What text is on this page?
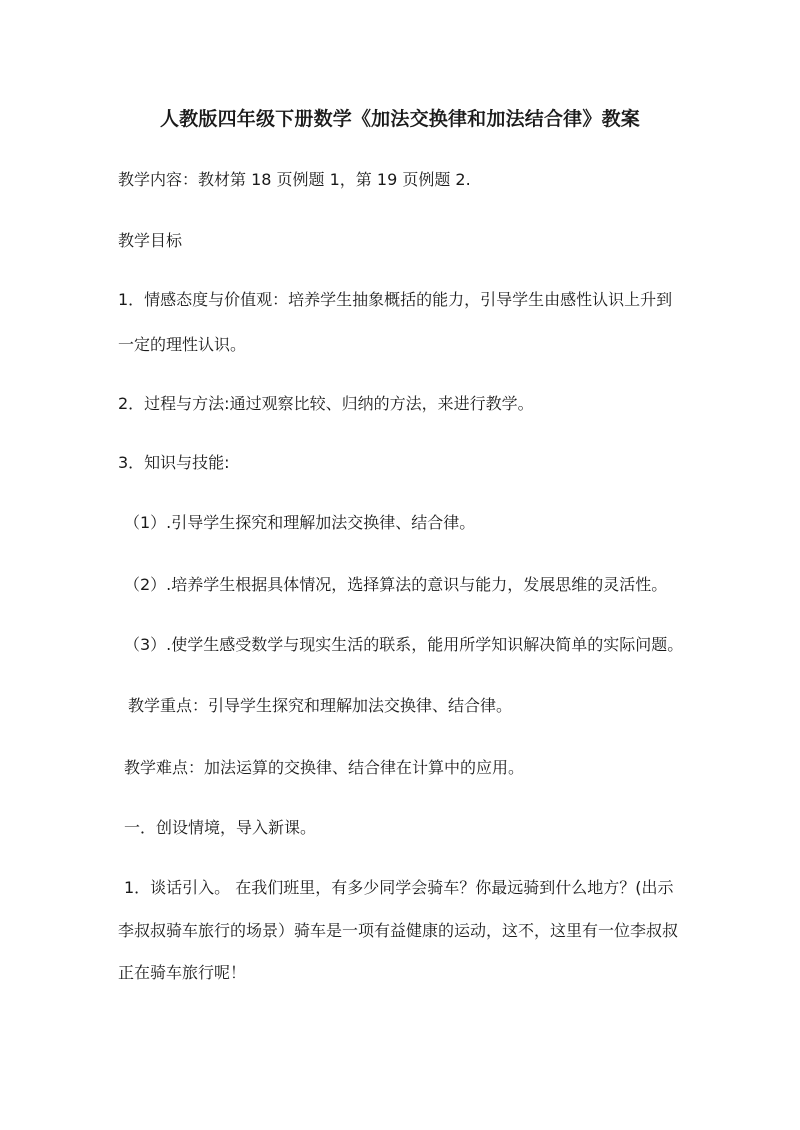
人教版四年级下册数学《加法交换律和加法结合律》教案
教学内容：教材第 18 页例题 1，第 19 页例题 2.
教学目标
1．情感态度与价值观：培养学生抽象概括的能力，引导学生由感性认识上升到
一定的理性认识。
2．过程与方法:通过观察比较、归纳的方法，来进行教学。
3．知识与技能:
（1）.引导学生探究和理解加法交换律、结合律。
（2）.培养学生根据具体情况，选择算法的意识与能力，发展思维的灵活性。
（3）.使学生感受数学与现实生活的联系，能用所学知识解决简单的实际问题。
教学重点：引导学生探究和理解加法交换律、结合律。
教学难点：加法运算的交换律、结合律在计算中的应用。
一．创设情境，导入新课。
1．谈话引入。 在我们班里，有多少同学会骑车？你最远骑到什么地方？(出示
李叔叔骑车旅行的场景）骑车是一项有益健康的运动，这不，这里有一位李叔叔
正在骑车旅行呢！
